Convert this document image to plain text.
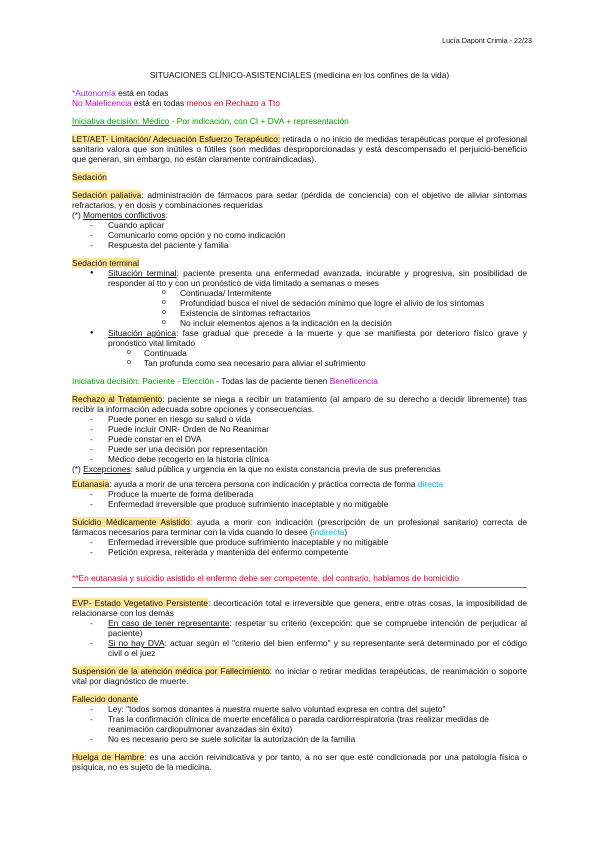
Lucía Dapont Crimia - 22/23

SITUACIONES CLÍNICO-ASISTENCIALES (medicina en los confines de la vida)

*Autonomía está en todas

No Maleficencia está en todas menos en Rechazo a Tto

Iniciativa decisión: Médico - Por indicación, con CI + DVA + representación

LET/AET- Limitación/ Adecuación Esfuerzo Terapéutico: retirada o no inicio de medidas terapéuticas porque el profesional sanitario valora que son inútiles o fútiles (son medidas desproporcionadas y está descompensado el perjuicio-beneficio que generan, sin embargo, no están claramente contraindicadas).

Sedación

Sedación paliativa: administración de fármacos para sedar (pérdida de conciencia) con el objetivo de aliviar síntomas refractarios, y en dosis y combinaciones requeridas

(*) Momentos conflictivos:

- Cuando aplicar
- Comunicarlo como opción y no como indicación
- Respuesta del paciente y familia

Sedación terminal

● Situación terminal: paciente presenta una enfermedad avanzada, incurable y progresiva, sin posibilidad de responder al tto y con un pronóstico de vida limitado a semanas o meses
o Continuada/ Intermitente
o Profundidad busca el nivel de sedación mínimo que logre el alivio de los síntomas
o Existencia de síntomas refractarios
o No incluir elementos ajenos a la indicación en la decisión
● Situación agónica: fase gradual que precede a la muerte y que se manifiesta por deterioro físico grave y pronóstico vital limitado
o Continuada
o Tan profunda como sea necesario para aliviar el sufrimiento

Iniciativa decisión: Paciente - Elección - Todas las de paciente tienen Beneficencia

Rechazo al Tratamiento: paciente se niega a recibir un tratamiento (al amparo de su derecho a decidir libremente) tras recibir la información adecuada sobre opciones y consecuencias.

- Puede poner en riesgo su salud o vida
- Puede incluir ONR- Orden de No Reanimar
- Puede constar en el DVA
- Puede ser una decisión por representación
- Médico debe recogerlo en la historia clínica

(*) Excepciones: salud pública y urgencia en la que no exista constancia previa de sus preferencias

Eutanasia: ayuda a morir de una tercera persona con indicación y práctica correcta de forma directa

- Produce la muerte de forma deliberada
- Enfermedad irreversible que produce sufrimiento inaceptable y no mitigable

Suicidio Médicamente Asistido: ayuda a morir con indicación (prescripción de un profesional sanitario) correcta de fármacos necesarios para terminar con la vida cuando lo desee (indirecta)

- Enfermedad irreversible que produce sufrimiento inaceptable y no mitigable
- Petición expresa, reiterada y mantenida del enfermo competente

**En eutanasia y suicidio asistido el enfermo debe ser competente, del contrario, hablamos de homicidio

EVP- Estado Vegetativo Persistente: decorticación total e irreversible que genera, entre otras cosas, la imposibilidad de relacionarse con los demás

- En caso de tener representante: respetar su criterio (excepción: que se compruebe intención de perjudicar al paciente)
- Si no hay DVA: actuar según el "criterio del bien enfermo" y su representante será determinado por el código civil o el juez

Suspensión de la atención médica por Fallecimiento: no iniciar o retirar medidas terapéuticas, de reanimación o soporte vital por diagnóstico de muerte.

Fallecido donante

- Ley: "todos somos donantes a nuestra muerte salvo voluntad expresa en contra del sujeto"
- Tras la confirmación clínica de muerte encefálica o parada cardiorrespiratoria (tras realizar medidas de reanimación cardiopulmonar avanzadas sin éxito)
- No es necesario pero se suele solicitar la autorización de la familia

Huelga de Hambre: es una acción reivindicativa y por tanto, a no ser que esté condicionada por una patología física o psíquica, no es sujeto de la medicina.
